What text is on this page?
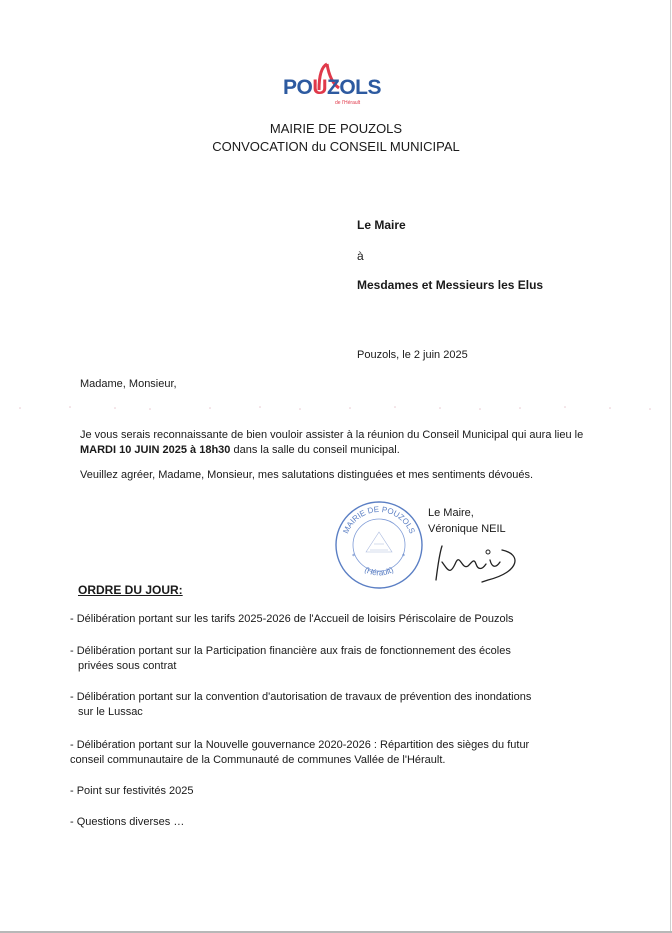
POUZOLS
de l'Hérault
MAIRIE DE POUZOLS
CONVOCATION du CONSEIL MUNICIPAL
Le Maire
à
Mesdames et Messieurs les Elus
Pouzols, le 2 juin 2025
Madame, Monsieur,
Je vous serais reconnaissante de bien vouloir assister à la réunion du Conseil Municipal qui aura lieu le MARDI 10 JUIN 2025 à 18h30 dans la salle du conseil municipal.
Veuillez agréer, Madame, Monsieur, mes salutations distinguées et mes sentiments dévoués.
MAIRIE DE POUZOLS
(Hérault)
*	*
Le Maire,
Véronique NEIL
ORDRE DU JOUR:
- Délibération portant sur les tarifs 2025-2026 de l'Accueil de loisirs Périscolaire de Pouzols
- Délibération portant sur la Participation financière aux frais de fonctionnement des écoles
privées sous contrat
- Délibération portant sur la convention d'autorisation de travaux de prévention des inondations
sur le Lussac
- Délibération portant sur la Nouvelle gouvernance 2020-2026 : Répartition des sièges du futur
conseil communautaire de la Communauté de communes Vallée de l'Hérault.
- Point sur festivités 2025
- Questions diverses …
